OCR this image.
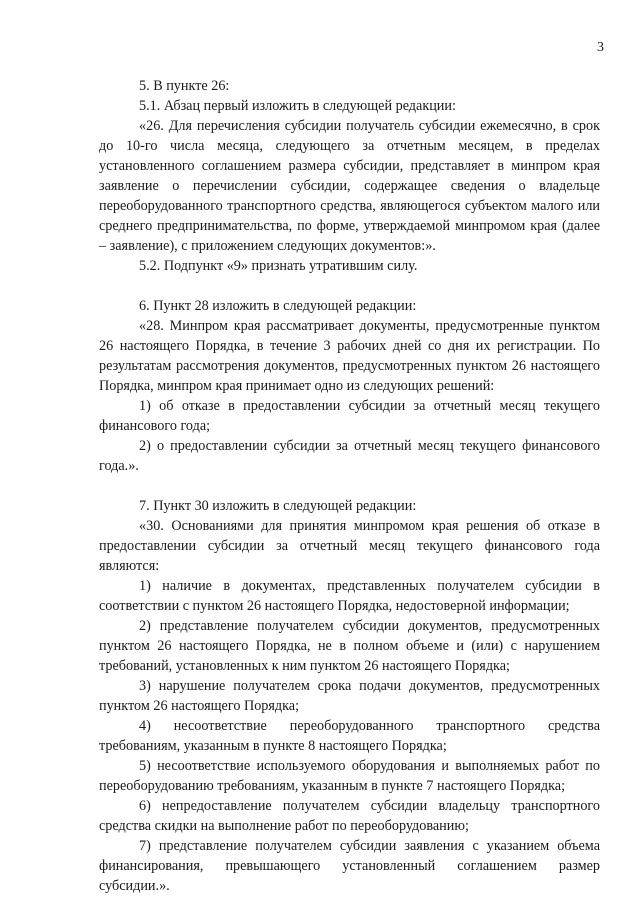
3

5. В пункте 26:

5.1. Абзац первый изложить в следующей редакции:

«26. Для перечисления субсидии получатель субсидии ежемесячно, в срок до 10-го числа месяца, следующего за отчетным месяцем, в пределах установленного соглашением размера субсидии, представляет в минпром края заявление о перечислении субсидии, содержащее сведения о владельце переоборудованного транспортного средства, являющегося субъектом малого или среднего предпринимательства, по форме, утверждаемой минпромом края (далее – заявление), с приложением следующих документов:».

5.2. Подпункт «9» признать утратившим силу.

6. Пункт 28 изложить в следующей редакции:

«28. Минпром края рассматривает документы, предусмотренные пунктом 26 настоящего Порядка, в течение 3 рабочих дней со дня их регистрации. По результатам рассмотрения документов, предусмотренных пунктом 26 настоящего Порядка, минпром края принимает одно из следующих решений:

1) об отказе в предоставлении субсидии за отчетный месяц текущего финансового года;

2) о предоставлении субсидии за отчетный месяц текущего финансового года.».

7. Пункт 30 изложить в следующей редакции:

«30. Основаниями для принятия минпромом края решения об отказе в предоставлении субсидии за отчетный месяц текущего финансового года являются:

1) наличие в документах, представленных получателем субсидии в соответствии с пунктом 26 настоящего Порядка, недостоверной информации;

2) представление получателем субсидии документов, предусмотренных пунктом 26 настоящего Порядка, не в полном объеме и (или) с нарушением требований, установленных к ним пунктом 26 настоящего Порядка;

3) нарушение получателем срока подачи документов, предусмотренных пунктом 26 настоящего Порядка;

4) несоответствие переоборудованного транспортного средства требованиям, указанным в пункте 8 настоящего Порядка;

5) несоответствие используемого оборудования и выполняемых работ по переоборудованию требованиям, указанным в пункте 7 настоящего Порядка;

6) непредоставление получателем субсидии владельцу транспортного средства скидки на выполнение работ по переоборудованию;

7) представление получателем субсидии заявления с указанием объема финансирования, превышающего установленный соглашением размер субсидии.».
